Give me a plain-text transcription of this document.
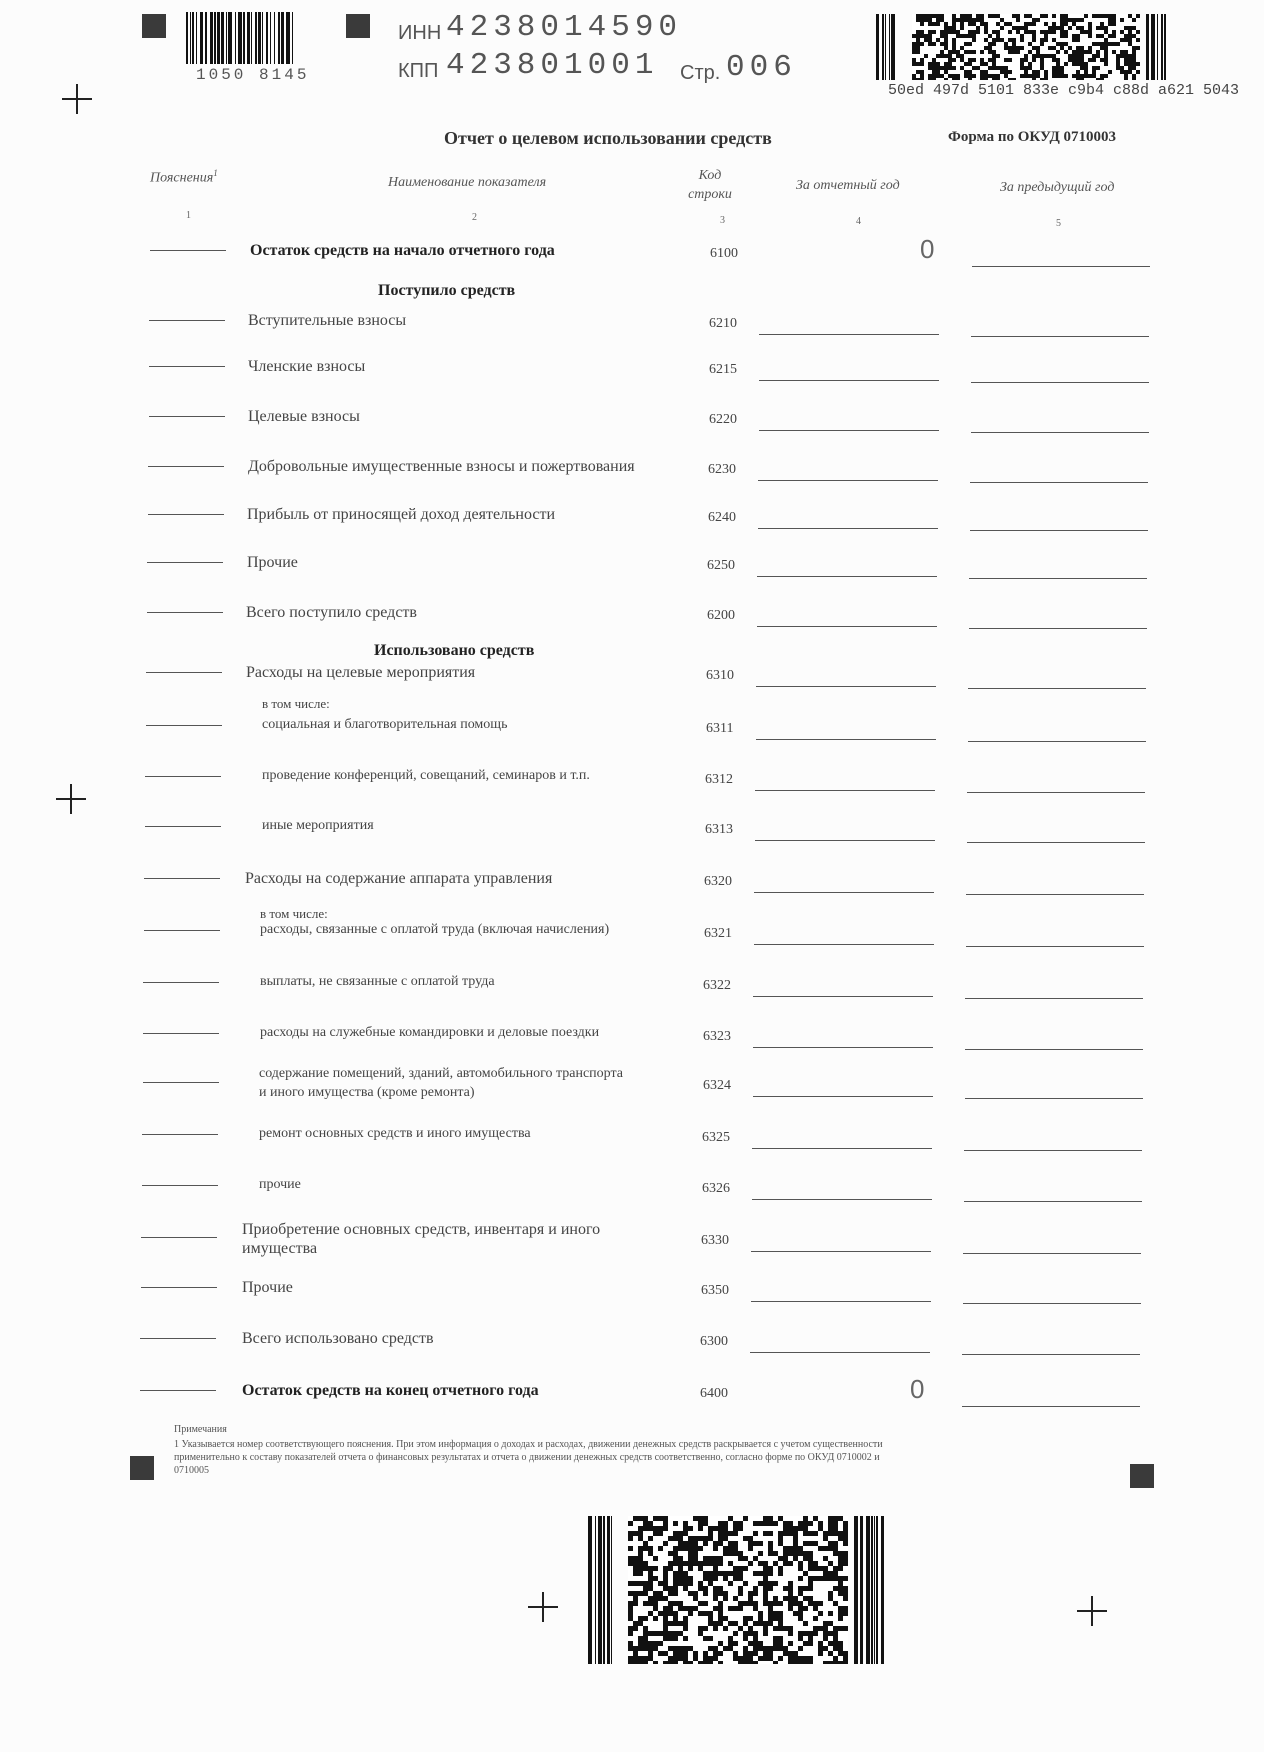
1050 8145
ИНН 4238014590
КПП 423801001 Стр. 006
50ed 497d 5101 833e c9b4 c88d a621 5043
Отчет о целевом использовании средств	Форма по ОКУД 0710003
Пояснения$^1$
Наименование показателя	Код строки
За отчетный год	За предыдущий год
1	2	3	4	5
Поступило средств
Использовано средств
в том числе:
в том числе:
Остаток средств на начало отчетного года	6100	0
Вступительные взносы	6210
Членские взносы	6215
Целевые взносы	6220
Добровольные имущественные взносы и пожертвования	6230
Прибыль от приносящей доход деятельности	6240
Прочие	6250
Всего поступило средств	6200
Расходы на целевые мероприятия	6310
социальная и благотворительная помощь	6311
проведение конференций, совещаний, семинаров и т.п.	6312
иные мероприятия	6313
Расходы на содержание аппарата управления	6320
расходы, связанные с оплатой труда (включая начисления)	6321
выплаты, не связанные с оплатой труда	6322
расходы на служебные командировки и деловые поездки	6323
содержание помещений, зданий, автомобильного транспорта
и иного имущества (кроме ремонта)	6324
ремонт основных средств и иного имущества	6325
прочие	6326
Приобретение основных средств, инвентаря и иного
имущества	6330
Прочие	6350
Всего использовано средств	6300
Остаток средств на конец отчетного года	6400	0
Примечания
1 Указывается номер соответствующего пояснения. При этом информация о доходах и расходах, движении денежных средств раскрывается с учетом существенности
применительно к составу показателей отчета о финансовых результатах и отчета о движении денежных средств соответственно, согласно форме по ОКУД 0710002 и
0710005
